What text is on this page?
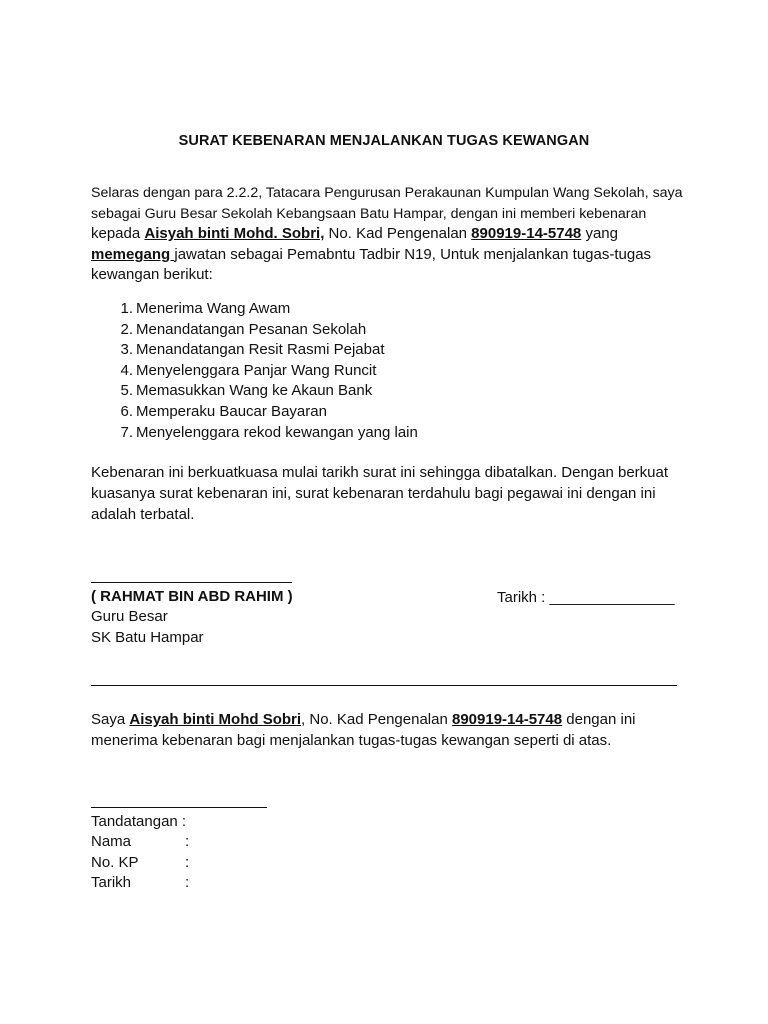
SURAT KEBENARAN MENJALANKAN TUGAS KEWANGAN
Selaras dengan para 2.2.2, Tatacara Pengurusan Perakaunan Kumpulan Wang Sekolah, saya
sebagai Guru Besar Sekolah Kebangsaan Batu Hampar, dengan ini memberi kebenaran
kepada Aisyah binti Mohd. Sobri, No. Kad Pengenalan 890919-14-5748 yang
memegang jawatan sebagai Pemabntu Tadbir N19, Untuk menjalankan tugas-tugas
kewangan berikut:
1. Menerima Wang Awam
2. Menandatangan Pesanan Sekolah
3. Menandatangan Resit Rasmi Pejabat
4. Menyelenggara Panjar Wang Runcit
5. Memasukkan Wang ke Akaun Bank
6. Memperaku Baucar Bayaran
7. Menyelenggara rekod kewangan yang lain
Kebenaran ini berkuatkuasa mulai tarikh surat ini sehingga dibatalkan. Dengan berkuat
kuasanya surat kebenaran ini, surat kebenaran terdahulu bagi pegawai ini dengan ini
adalah terbatal.
( RAHMAT BIN ABD RAHIM )	Tarikh : _______________
Guru Besar
SK Batu Hampar
Saya Aisyah binti Mohd Sobri, No. Kad Pengenalan 890919-14-5748 dengan ini
menerima kebenaran bagi menjalankan tugas-tugas kewangan seperti di atas.
Tandatangan :
Nama	:
No. KP	:
Tarikh	:
